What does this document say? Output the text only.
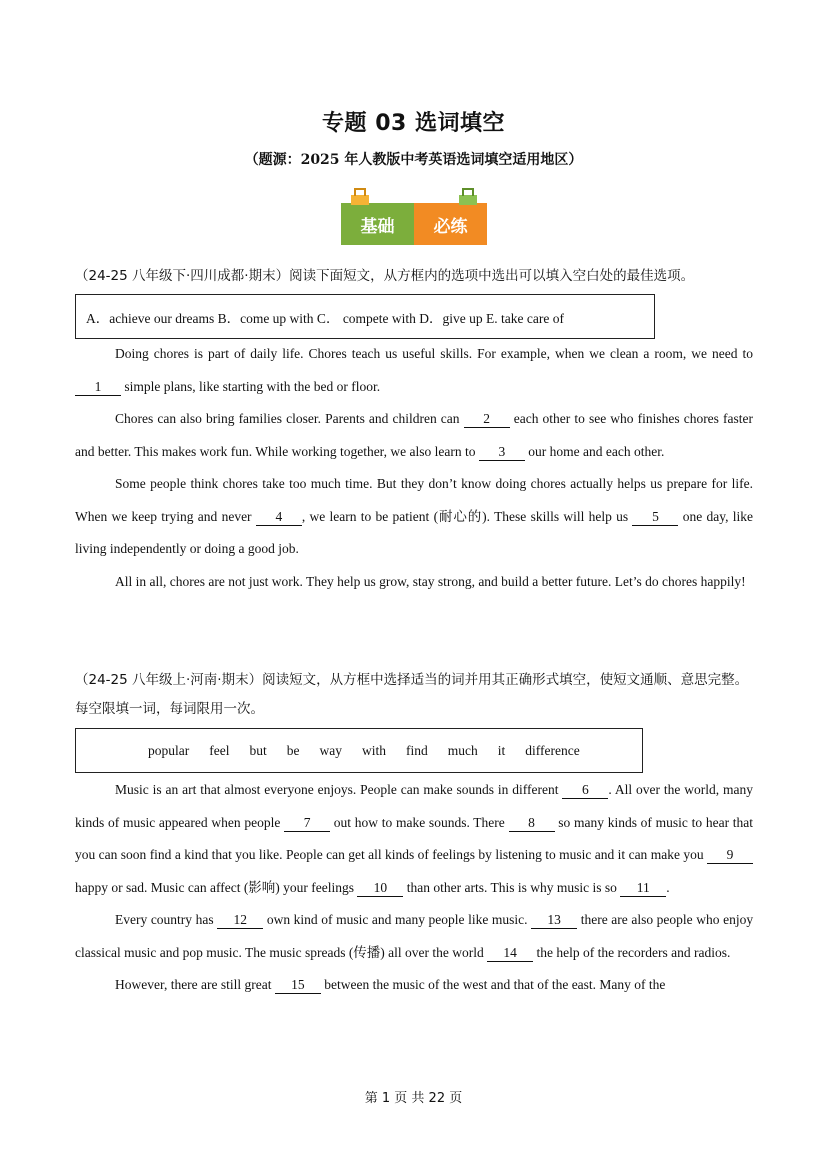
专题 03 选词填空
（题源：2025 年人教版中考英语选词填空适用地区）
基础	必练
（24-25 八年级下·四川成都·期末）阅读下面短文，从方框内的选项中选出可以填入空白处的最佳选项。
A．achieve our dreams B．come up with C． compete with D．give up E. take care of

Doing chores is part of daily life. Chores teach us useful skills. For example, when we clean a room, we need to 1 simple plans, like starting with the bed or floor.

Chores can also bring families closer. Parents and children can 2 each other to see who finishes chores faster and better. This makes work fun. While working together, we also learn to 3 our home and each other.

Some people think chores take too much time. But they don’t know doing chores actually helps us prepare for life. When we keep trying and never 4 , we learn to be patient (耐心的). These skills will help us 5 one day, like living independently or doing a good job.

All in all, chores are not just work. They help us grow, stay strong, and build a better future. Let’s do chores happily!

（24-25 八年级上·河南·期末）阅读短文，从方框中选择适当的词并用其正确形式填空，使短文通顺、意思完整。每空限填一词，每词限用一次。
popular feel but be way with find much it difference

Music is an art that almost everyone enjoys. People can make sounds in different 6 . All over the world, many kinds of music appeared when people 7 out how to make sounds. There 8 so many kinds of music to hear that you can soon find a kind that you like. People can get all kinds of feelings by listening to music and it can make you 9 happy or sad. Music can affect (影响) your feelings 10 than other arts. This is why music is so 11 .

Every country has 12 own kind of music and many people like music. 13 there are also people who enjoy classical music and pop music. The music spreads (传播) all over the world 14 the help of the recorders and radios.

However, there are still great 15 between the music of the west and that of the east. Many of the

第 1 页 共 22 页
